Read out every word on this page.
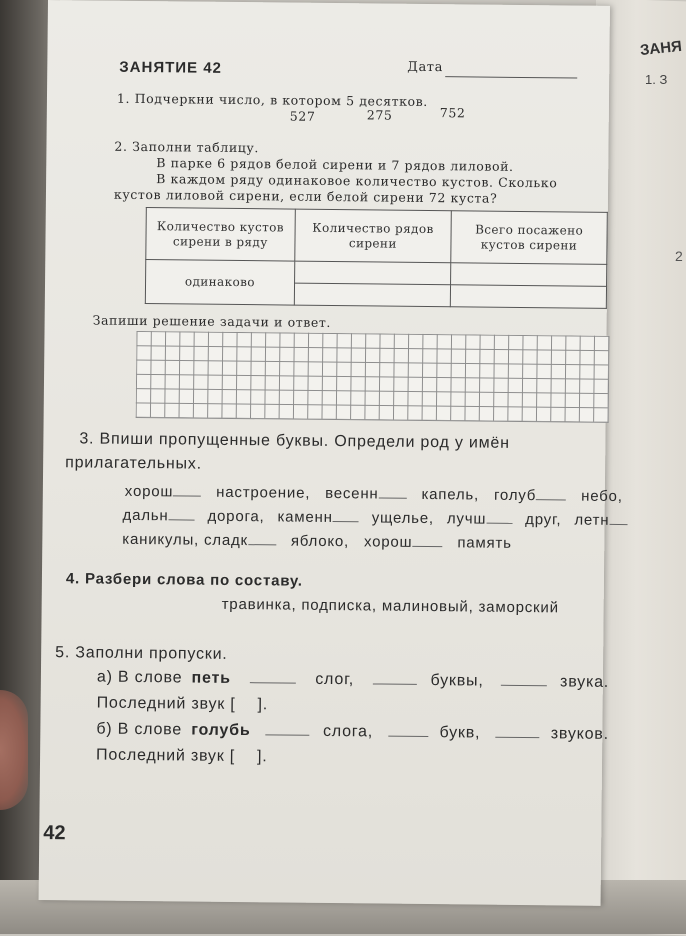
ЗАНЯ
1. З
2
ЗАНЯТИЕ 42	Дата
1. Подчеркни число, в котором 5 десятков.
527	275	752
2. Заполни таблицу.
В парке 6 рядов белой сирени и 7 рядов лиловой.
В каждом ряду одинаковое количество кустов. Сколько
кустов лиловой сирени, если белой сирени 72 куста?
Количество кустов сирени в ряду	Количество рядов сирени	Всего посажено кустов сирени
одинаково		

Запиши решение задачи и ответ.
3. Впиши пропущенные буквы. Определи род у имён
прилагательных.
хорош	настроение, весенн	капель, голуб	небо,
дальн	дорога, каменн	ущелье, лучш	друг, летн
каникулы, сладк	яблоко, хорош	память
4. Разбери слова по составу.
травинка, подписка, малиновый, заморский
5. Заполни пропуски.
а) В слове петь	слог,	буквы,	звука.
Последний звук [ ].
б) В слове голубь	слога,	букв,	звуков.
Последний звук [ ].
42
